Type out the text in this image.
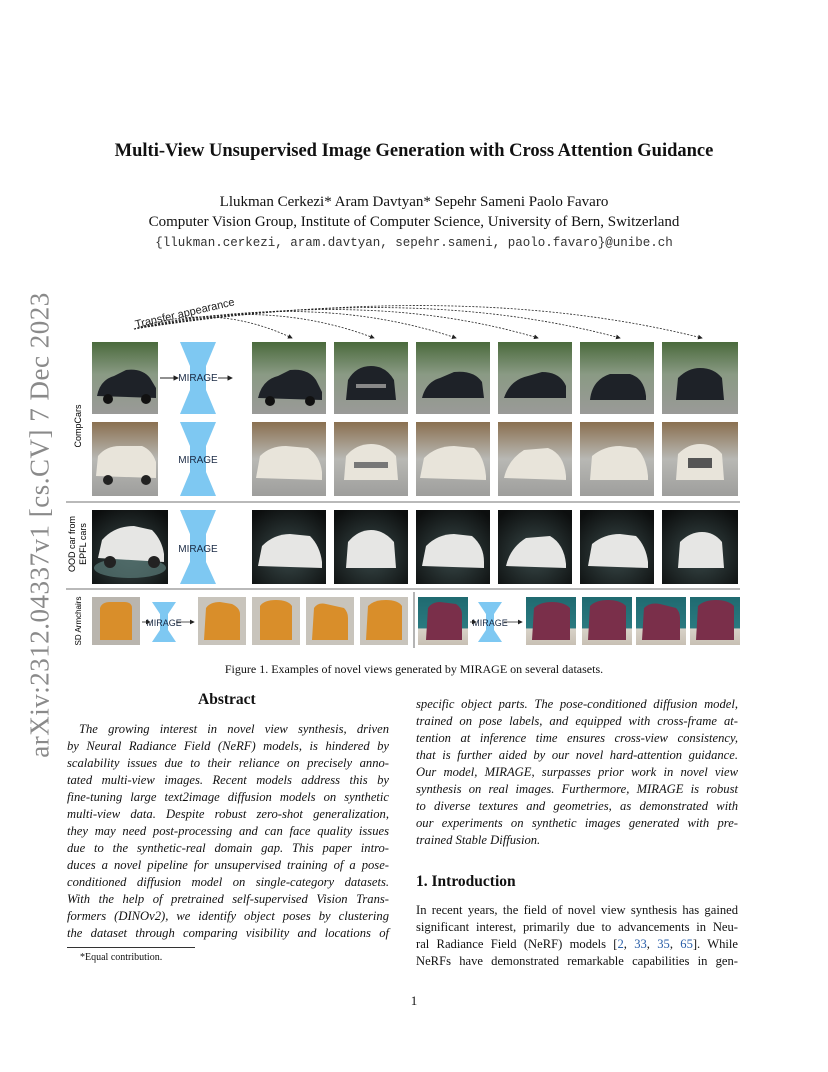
arXiv:2312.04337v1 [cs.CV] 7 Dec 2023
Multi-View Unsupervised Image Generation with Cross Attention Guidance
Llukman Cerkezi* Aram Davtyan* Sepehr Sameni Paolo Favaro
Computer Vision Group, Institute of Computer Science, University of Bern, Switzerland
{llukman.cerkezi, aram.davtyan, sepehr.sameni, paolo.favaro}@unibe.ch
Transfer appearance
CompCars
OOD car from EPFL cars
SD Armchairs
MIRAGE
MIRAGE
MIRAGE
MIRAGE	MIRAGE
Figure 1. Examples of novel views generated by MIRAGE on several datasets.
Abstract
The growing interest in novel view synthesis, driven
by Neural Radiance Field (NeRF) models, is hindered by
scalability issues due to their reliance on precisely anno-
tated multi-view images. Recent models address this by
fine-tuning large text2image diffusion models on synthetic
multi-view data. Despite robust zero-shot generalization,
they may need post-processing and can face quality issues
due to the synthetic-real domain gap. This paper intro-
duces a novel pipeline for unsupervised training of a pose-
conditioned diffusion model on single-category datasets.
With the help of pretrained self-supervised Vision Trans-
formers (DINOv2), we identify object poses by clustering
the dataset through comparing visibility and locations of
specific object parts. The pose-conditioned diffusion model,
trained on pose labels, and equipped with cross-frame at-
tention at inference time ensures cross-view consistency,
that is further aided by our novel hard-attention guidance.
Our model, MIRAGE, surpasses prior work in novel view
synthesis on real images. Furthermore, MIRAGE is robust
to diverse textures and geometries, as demonstrated with
our experiments on synthetic images generated with pre-
trained Stable Diffusion.
1. Introduction
In recent years, the field of novel view synthesis has gained
significant interest, primarily due to advancements in Neu-
ral Radiance Field (NeRF) models [2, 33, 35, 65]. While
NeRFs have demonstrated remarkable capabilities in gen-
*Equal contribution.
1
